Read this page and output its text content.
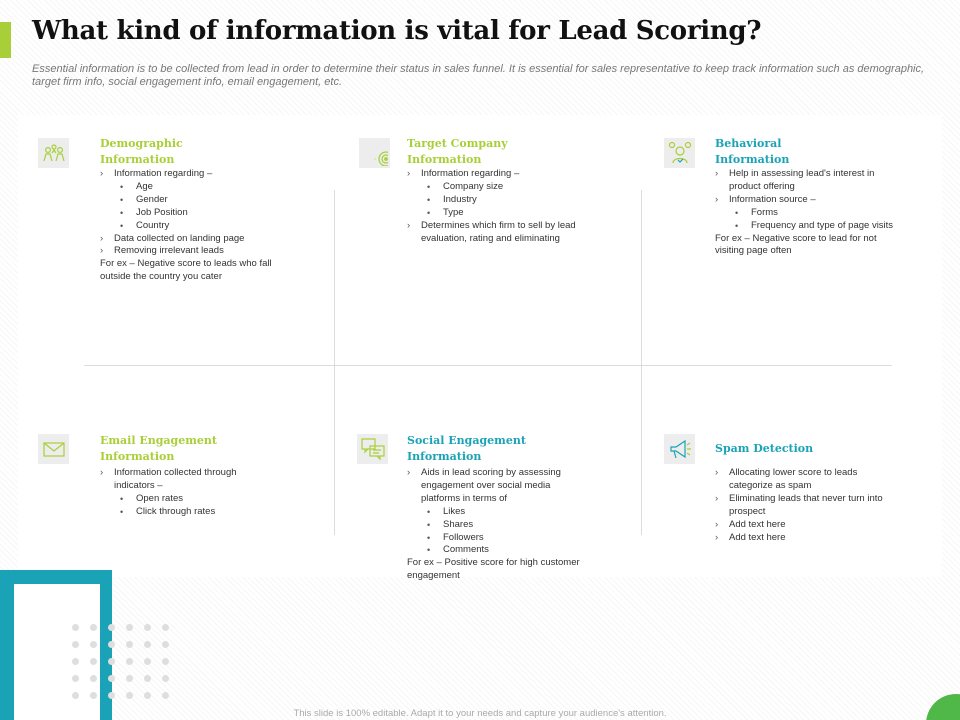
What kind of information is vital for Lead Scoring?

Essential information is to be collected from lead in order to determine their status in sales funnel. It is essential for sales representative to keep track information such as demographic, target firm info, social engagement info, email engagement, etc.

Demographic
Information
›	Information regarding –
•	Age
•	Gender
•	Job Position
•	Country
›	Data collected on landing page
›	Removing irrelevant leads
For ex – Negative score to leads who fall
outside the country you cater
Target Company
Information
›	Information regarding –
•	Company size
•	Industry
•	Type
›	Determines which firm to sell by lead
evaluation, rating and eliminating
Behavioral
Information
›	Help in assessing lead's interest in
product offering
›	Information source –
•	Forms
•	Frequency and type of page visits
For ex – Negative score to lead for not
visiting page often
Email Engagement
Information
›	Information collected through
indicators –
•	Open rates
•	Click through rates
Social Engagement
Information
›	Aids in lead scoring by assessing
engagement over social media
platforms in terms of
•	Likes
•	Shares
•	Followers
•	Comments
For ex – Positive score for high customer
engagement
Spam Detection
›	Allocating lower score to leads
categorize as spam
›	Eliminating leads that never turn into
prospect
›	Add text here
›	Add text here
This slide is 100% editable. Adapt it to your needs and capture your audience's attention.
